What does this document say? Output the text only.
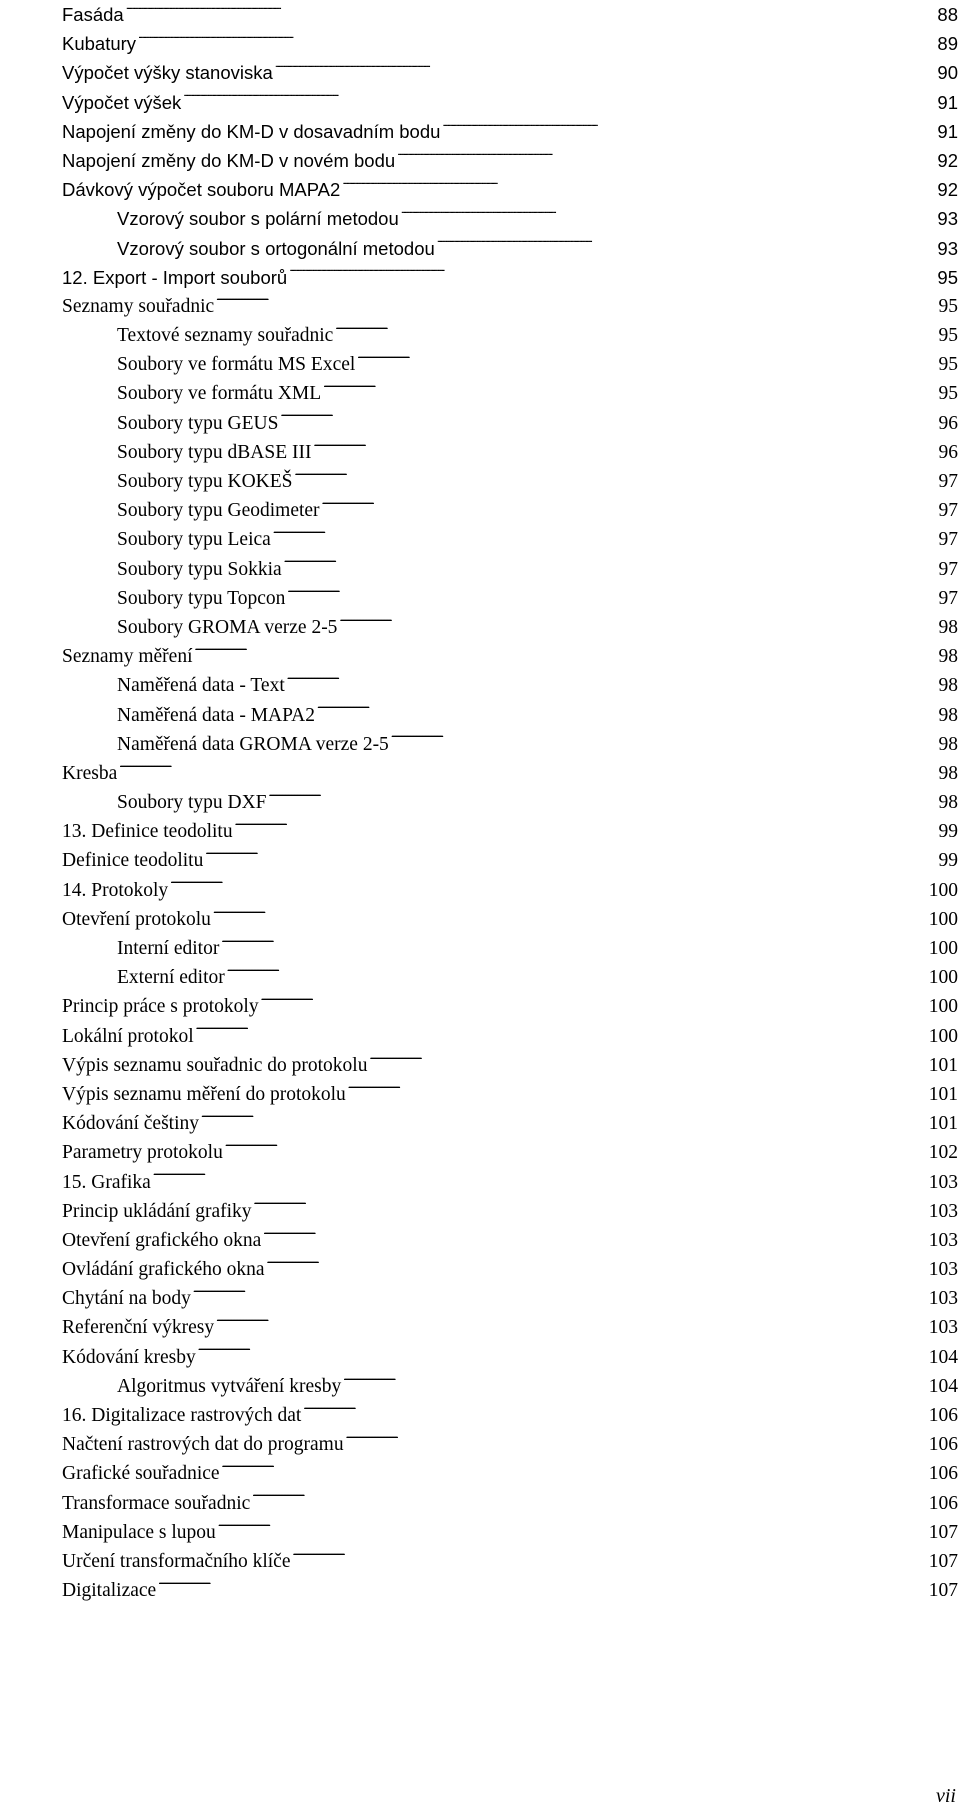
Fasáda . . .	88
Kubatury . . .	89
Výpočet výšky stanoviska . . .	90
Výpočet výšek . . .	91
Napojení změny do KM-D v dosavadním bodu . . .	91
Napojení změny do KM-D v novém bodu . . .	92
Dávkový výpočet souboru MAPA2 . . .	92
Vzorový soubor s polární metodou . . .	93
Vzorový soubor s ortogonální metodou . . .	93
12. Export - Import souborů . . .	95
Seznamy souřadnic . . .	95
Textové seznamy souřadnic . . .	95
Soubory ve formátu MS Excel . . .	95
Soubory ve formátu XML . . .	95
Soubory typu GEUS . . .	96
Soubory typu dBASE III . . .	96
Soubory typu KOKEŠ . . .	97
Soubory typu Geodimeter . . .	97
Soubory typu Leica . . .	97
Soubory typu Sokkia . . .	97
Soubory typu Topcon . . .	97
Soubory GROMA verze 2-5 . . .	98
Seznamy měření . . .	98
Naměřená data - Text . . .	98
Naměřená data - MAPA2 . . .	98
Naměřená data GROMA verze 2-5 . . .	98
Kresba . . .	98
Soubory typu DXF . . .	98
13. Definice teodolitu . . .	99
Definice teodolitu . . .	99
14. Protokoly . . .	100
Otevření protokolu . . .	100
Interní editor . . .	100
Externí editor . . .	100
Princip práce s protokoly . . .	100
Lokální protokol . . .	100
Výpis seznamu souřadnic do protokolu . . .	101
Výpis seznamu měření do protokolu . . .	101
Kódování češtiny . . .	101
Parametry protokolu . . .	102
15. Grafika . . .	103
Princip ukládání grafiky . . .	103
Otevření grafického okna . . .	103
Ovládání grafického okna . . .	103
Chytání na body . . .	103
Referenční výkresy . . .	103
Kódování kresby . . .	104
Algoritmus vytváření kresby . . .	104
16. Digitalizace rastrových dat . . .	106
Načtení rastrových dat do programu . . .	106
Grafické souřadnice . . .	106
Transformace souřadnic . . .	106
Manipulace s lupou . . .	107
Určení transformačního klíče . . .	107
Digitalizace . . .	107
vii
